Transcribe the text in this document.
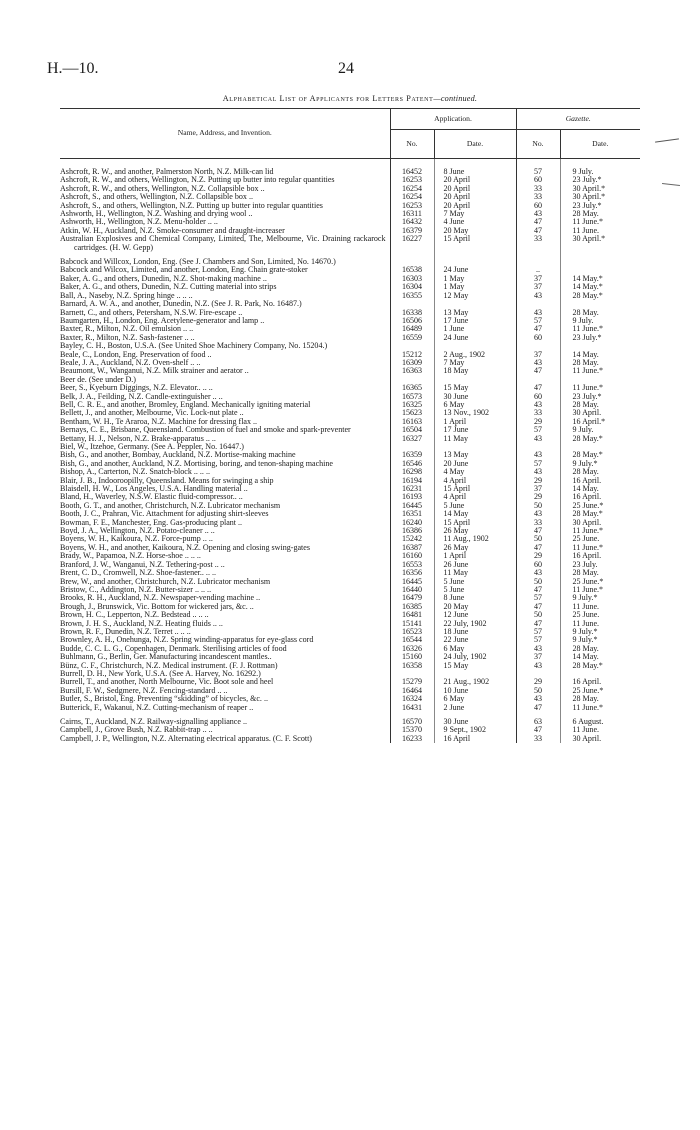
H.—10.	24
Alphabetical List of Applicants for Letters Patent—continued.
Name, Address, and Invention.	Application.		Gazette.	
	No.	Date.	No.	Date.

Ashcroft, R. W., and another, Palmerston North, N.Z. Milk-can lid	16452	8 June	57	9 July.
Ashcroft, R. W., and others, Wellington, N.Z. Putting up butter into regular quantities	16253	20 April	60	23 July.*
Ashcroft, R. W., and others, Wellington, N.Z. Collapsible box ..	16254	20 April	33	30 April.*
Ashcroft, S., and others, Wellington, N.Z. Collapsible box ..	16254	20 April	33	30 April.*
Ashcroft, S., and others, Wellington, N.Z. Putting up butter into regular quantities	16253	20 April	60	23 July.*
Ashworth, H., Wellington, N.Z. Washing and drying wool ..	16311	7 May	43	28 May.
Ashworth, H., Wellington, N.Z. Menu-holder .. ..	16432	4 June	47	11 June.*
Atkin, W. H., Auckland, N.Z. Smoke-consumer and draught-increaser	16379	20 May	47	11 June.
Australian Explosives and Chemical Company, Limited, The, Melbourne, Vic. Draining rackarock cartridges. (H. W. Gepp)	16227	15 April	33	30 April.*

Babcock and Willcox, London, Eng. (See J. Chambers and Son, Limited, No. 14670.)				
Babcock and Wilcox, Limited, and another, London, Eng. Chain grate-stoker	16538	24 June	..	
Baker, A. G., and others, Dunedin, N.Z. Shot-making machine ..	16303	1 May	37	14 May.*
Baker, A. G., and others, Dunedin, N.Z. Cutting material into strips	16304	1 May	37	14 May.*
Ball, A., Naseby, N.Z. Spring hinge .. .. ..	16355	12 May	43	28 May.*
Barnard, A. W. A., and another, Dunedin, N.Z. (See J. R. Park, No. 16487.)				
Barnett, C., and others, Petersham, N.S.W. Fire-escape ..	16338	13 May	43	28 May.
Baumgarten, H., London, Eng. Acetylene-generator and lamp ..	16506	17 June	57	9 July.
Baxter, R., Milton, N.Z. Oil emulsion .. ..	16489	1 June	47	11 June.*
Baxter, R., Milton, N.Z. Sash-fastener .. ..	16559	24 June	60	23 July.*
Bayley, C. H., Boston, U.S.A. (See United Shoe Machinery Company, No. 15204.)				
Beale, C., London, Eng. Preservation of food ..	15212	2 Aug., 1902	37	14 May.
Beale, J. A., Auckland, N.Z. Oven-shelf .. ..	16309	7 May	43	28 May.
Beaumont, W., Wanganui, N.Z. Milk strainer and aerator ..	16363	18 May	47	11 June.*
Beer de. (See under D.)				
Beer, S., Kyeburn Diggings, N.Z. Elevator.. .. ..	16365	15 May	47	11 June.*
Belk, J. A., Feilding, N.Z. Candle-extinguisher .. ..	16573	30 June	60	23 July.*
Bell, C. R. E., and another, Bromley, England. Mechanically igniting material	16325	6 May	43	28 May.
Bellett, J., and another, Melbourne, Vic. Lock-nut plate ..	15623	13 Nov., 1902	33	30 April.
Bentham, W. H., Te Araroa, N.Z. Machine for dressing flax ..	16163	1 April	29	16 April.*
Bernays, C. E., Brisbane, Queensland. Combustion of fuel and smoke and spark-preventer	16504	17 June	57	9 July.
Bettany, H. J., Nelson, N.Z. Brake-apparatus .. ..	16327	11 May	43	28 May.*
Biel, W., Itzehoe, Germany. (See A. Peppler, No. 16447.)				
Bish, G., and another, Bombay, Auckland, N.Z. Mortise-making machine	16359	13 May	43	28 May.*
Bish, G., and another, Auckland, N.Z. Mortising, boring, and tenon-shaping machine	16546	20 June	57	9 July.*
Bishop, A., Carterton, N.Z. Snatch-block .. .. ..	16298	4 May	43	28 May.
Blair, J. B., Indooroopilly, Queensland. Means for swinging a ship	16194	4 April	29	16 April.
Blaisdell, H. W., Los Angeles, U.S.A. Handling material ..	16231	15 April	37	14 May.
Bland, H., Waverley, N.S.W. Elastic fluid-compressor.. ..	16193	4 April	29	16 April.
Booth, G. T., and another, Christchurch, N.Z. Lubricator mechanism	16445	5 June	50	25 June.*
Booth, J. C., Prahran, Vic. Attachment for adjusting shirt-sleeves	16351	14 May	43	28 May.*
Bowman, F. E., Manchester, Eng. Gas-producing plant ..	16240	15 April	33	30 April.
Boyd, J. A., Wellington, N.Z. Potato-cleaner .. ..	16386	26 May	47	11 June.*
Boyens, W. H., Kaikoura, N.Z. Force-pump .. ..	15242	11 Aug., 1902	50	25 June.
Boyens, W. H., and another, Kaikoura, N.Z. Opening and closing swing-gates	16387	26 May	47	11 June.*
Brady, W., Papamoa, N.Z. Horse-shoe .. .. ..	16160	1 April	29	16 April.
Branford, J. W., Wanganui, N.Z. Tethering-post .. ..	16553	26 June	60	23 July.
Brent, C. D., Cromwell, N.Z. Shoe-fastener.. .. ..	16356	11 May	43	28 May.
Brew, W., and another, Christchurch, N.Z. Lubricator mechanism	16445	5 June	50	25 June.*
Bristow, C., Addington, N.Z. Butter-sizer .. .. ..	16440	5 June	47	11 June.*
Brooks, R. H., Auckland, N.Z. Newspaper-vending machine ..	16479	8 June	57	9 July.*
Brough, J., Brunswick, Vic. Bottom for wickered jars, &c. ..	16385	20 May	47	11 June.
Brown, H. C., Lepperton, N.Z. Bedstead .. .. ..	16481	12 June	50	25 June.
Brown, J. H. S., Auckland, N.Z. Heating fluids .. ..	15141	22 July, 1902	47	11 June.
Brown, R. F., Dunedin, N.Z. Terret .. .. ..	16523	18 June	57	9 July.*
Brownley, A. H., Onehunga, N.Z. Spring winding-apparatus for eye-glass cord	16544	22 June	57	9 July.*
Budde, C. C. L. G., Copenhagen, Denmark. Sterilising articles of food	16326	6 May	43	28 May.
Buhlmann, G., Berlin, Ger. Manufacturing incandescent mantles..	15160	24 July, 1902	37	14 May.
Bünz, C. F., Christchurch, N.Z. Medical instrument. (F. J. Rottman)	16358	15 May	43	28 May.*
Burrell, D. H., New York, U.S.A. (See A. Harvey, No. 16292.)				
Burrell, T., and another, North Melbourne, Vic. Boot sole and heel	15279	21 Aug., 1902	29	16 April.
Bursill, F. W., Sedgmere, N.Z. Fencing-standard .. ..	16464	10 June	50	25 June.*
Butler, S., Bristol, Eng. Preventing “skidding” of bicycles, &c. ..	16324	6 May	43	28 May.
Butterick, F., Wakanui, N.Z. Cutting-mechanism of reaper ..	16431	2 June	47	11 June.*

Cairns, T., Auckland, N.Z. Railway-signalling appliance ..	16570	30 June	63	6 August.
Campbell, J., Grove Bush, N.Z. Rabbit-trap .. ..	15370	9 Sept., 1902	47	11 June.
Campbell, J. P., Wellington, N.Z. Alternating electrical apparatus. (C. F. Scott)	16233	16 April	33	30 April.
